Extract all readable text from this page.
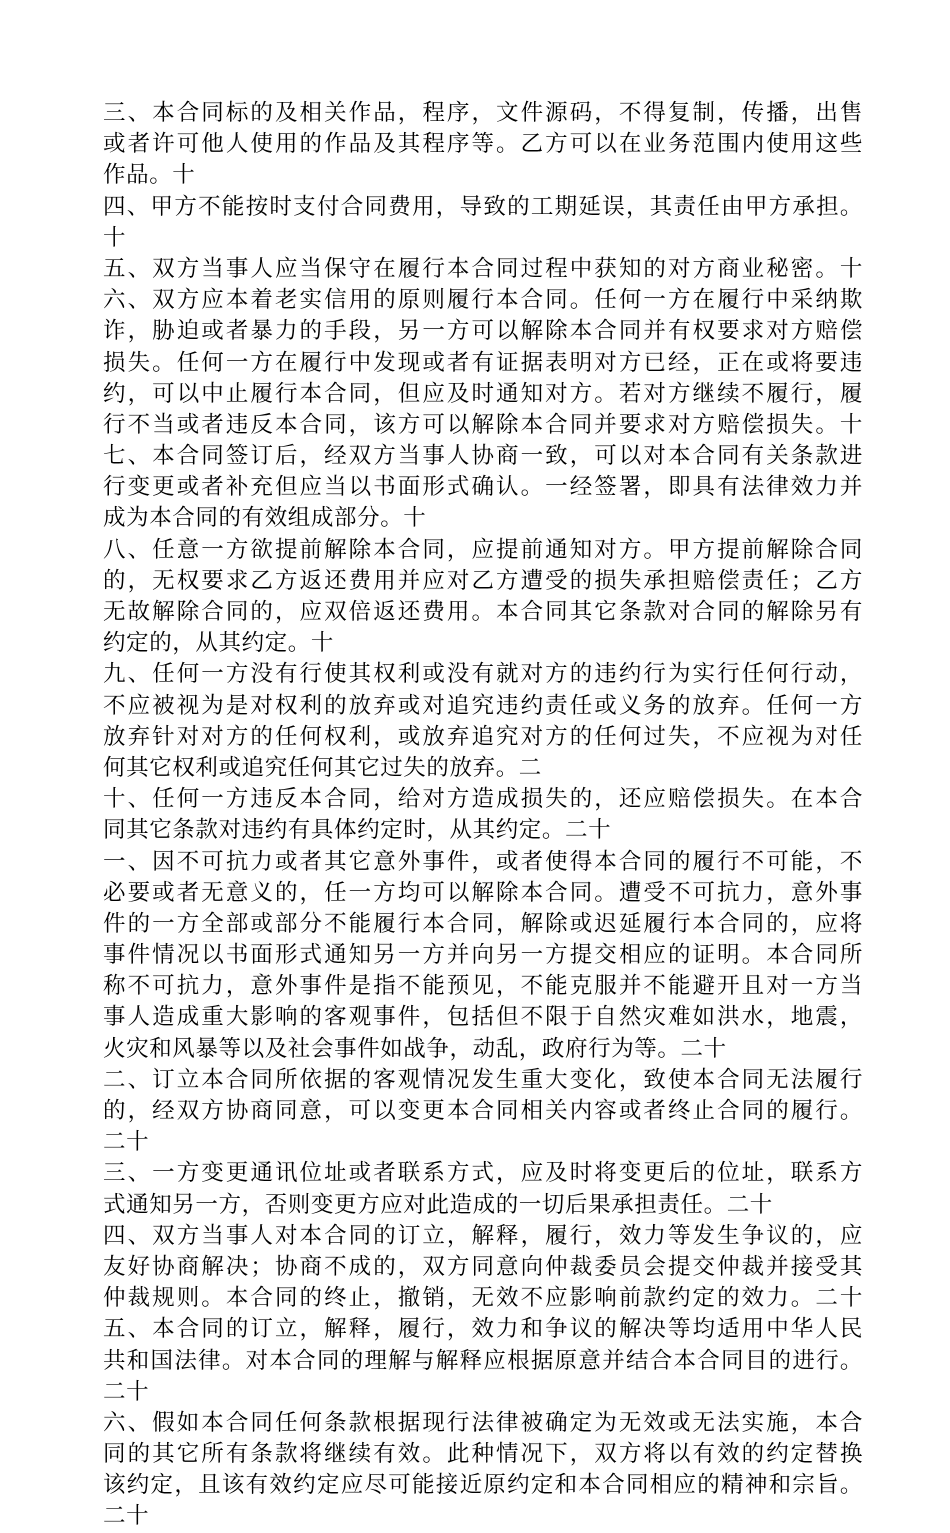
三、本合同标的及相关作品，程序，文件源码，不得复制，传播，出售
或者许可他人使用的作品及其程序等。乙方可以在业务范围内使用这些
作品。十
四、甲方不能按时支付合同费用，导致的工期延误，其责任由甲方承担。
十
五、双方当事人应当保守在履行本合同过程中获知的对方商业秘密。十
六、双方应本着老实信用的原则履行本合同。任何一方在履行中采纳欺
诈，胁迫或者暴力的手段，另一方可以解除本合同并有权要求对方赔偿
损失。任何一方在履行中发现或者有证据表明对方已经，正在或将要违
约，可以中止履行本合同，但应及时通知对方。若对方继续不履行，履
行不当或者违反本合同，该方可以解除本合同并要求对方赔偿损失。十
七、本合同签订后，经双方当事人协商一致，可以对本合同有关条款进
行变更或者补充但应当以书面形式确认。一经签署，即具有法律效力并
成为本合同的有效组成部分。十
八、任意一方欲提前解除本合同，应提前通知对方。甲方提前解除合同
的，无权要求乙方返还费用并应对乙方遭受的损失承担赔偿责任；乙方
无故解除合同的，应双倍返还费用。本合同其它条款对合同的解除另有
约定的，从其约定。十
九、任何一方没有行使其权利或没有就对方的违约行为实行任何行动，
不应被视为是对权利的放弃或对追究违约责任或义务的放弃。任何一方
放弃针对对方的任何权利，或放弃追究对方的任何过失，不应视为对任
何其它权利或追究任何其它过失的放弃。二
十、任何一方违反本合同，给对方造成损失的，还应赔偿损失。在本合
同其它条款对违约有具体约定时，从其约定。二十
一、因不可抗力或者其它意外事件，或者使得本合同的履行不可能，不
必要或者无意义的，任一方均可以解除本合同。遭受不可抗力，意外事
件的一方全部或部分不能履行本合同，解除或迟延履行本合同的，应将
事件情况以书面形式通知另一方并向另一方提交相应的证明。本合同所
称不可抗力，意外事件是指不能预见，不能克服并不能避开且对一方当
事人造成重大影响的客观事件，包括但不限于自然灾难如洪水，地震，
火灾和风暴等以及社会事件如战争，动乱，政府行为等。二十
二、订立本合同所依据的客观情况发生重大变化，致使本合同无法履行
的，经双方协商同意，可以变更本合同相关内容或者终止合同的履行。
二十
三、一方变更通讯位址或者联系方式，应及时将变更后的位址，联系方
式通知另一方，否则变更方应对此造成的一切后果承担责任。二十
四、双方当事人对本合同的订立，解释，履行，效力等发生争议的，应
友好协商解决；协商不成的，双方同意向仲裁委员会提交仲裁并接受其
仲裁规则。本合同的终止，撤销，无效不应影响前款约定的效力。二十
五、本合同的订立，解释，履行，效力和争议的解决等均适用中华人民
共和国法律。对本合同的理解与解释应根据原意并结合本合同目的进行。
二十
六、假如本合同任何条款根据现行法律被确定为无效或无法实施，本合
同的其它所有条款将继续有效。此种情况下，双方将以有效的约定替换
该约定，且该有效约定应尽可能接近原约定和本合同相应的精神和宗旨。
二十
